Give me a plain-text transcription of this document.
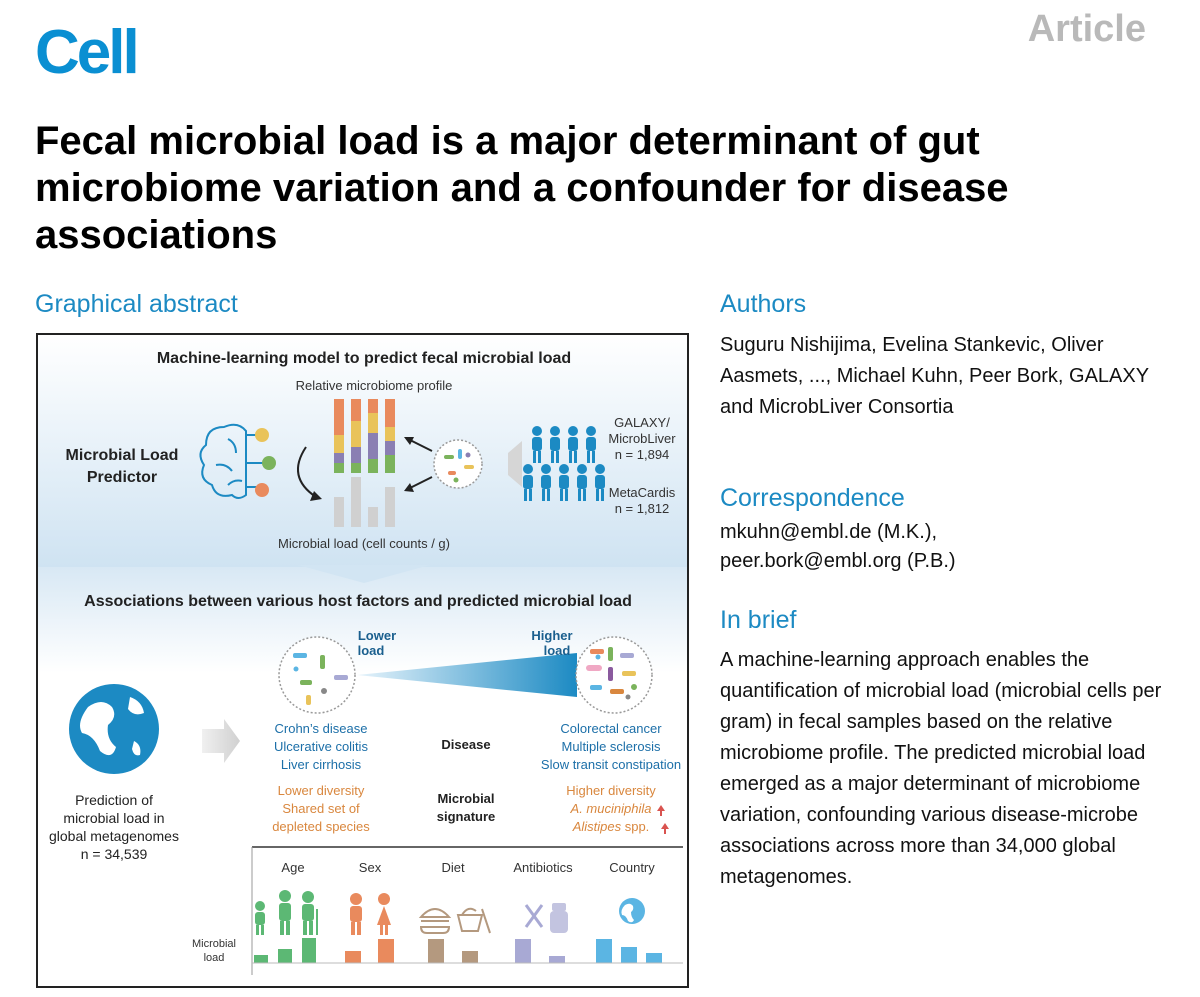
Cell	Article
Fecal microbial load is a major determinant of gut microbiome variation and a confounder for disease associations
Graphical abstract	Authors
Suguru Nishijima, Evelina Stankevic, Oliver Aasmets, ..., Michael Kuhn, Peer Bork, GALAXY and MicrobLiver Consortia
Correspondence
mkuhn@embl.de (M.K.),
peer.bork@embl.org (P.B.)
In brief
A machine-learning approach enables the quantification of microbial load (microbial cells per gram) in fecal samples based on the relative microbiome profile. The predicted microbial load emerged as a major determinant of microbiome variation, confounding various disease-microbe associations across more than 34,000 global metagenomes.
Machine-learning model to predict fecal microbial load
Relative microbiome profile
Microbial Load
Predictor
Microbial load (cell counts / g)
GALAXY/
MicrobLiver
n = 1,894
MetaCardis
n = 1,812
Associations between various host factors and predicted microbial load
Lower
load
Higher
load
Prediction of
microbial load in
global metagenomes
n = 34,539
Crohn’s disease
Ulcerative colitis
Liver cirrhosis
Disease
Colorectal cancer
Multiple sclerosis
Slow transit constipation
Lower diversity
Shared set of
depleted species
Microbial
signature
Higher diversity
A. muciniphila
Alistipes spp.
Age	Sex	Diet	Antibiotics	Country
Microbial
load
